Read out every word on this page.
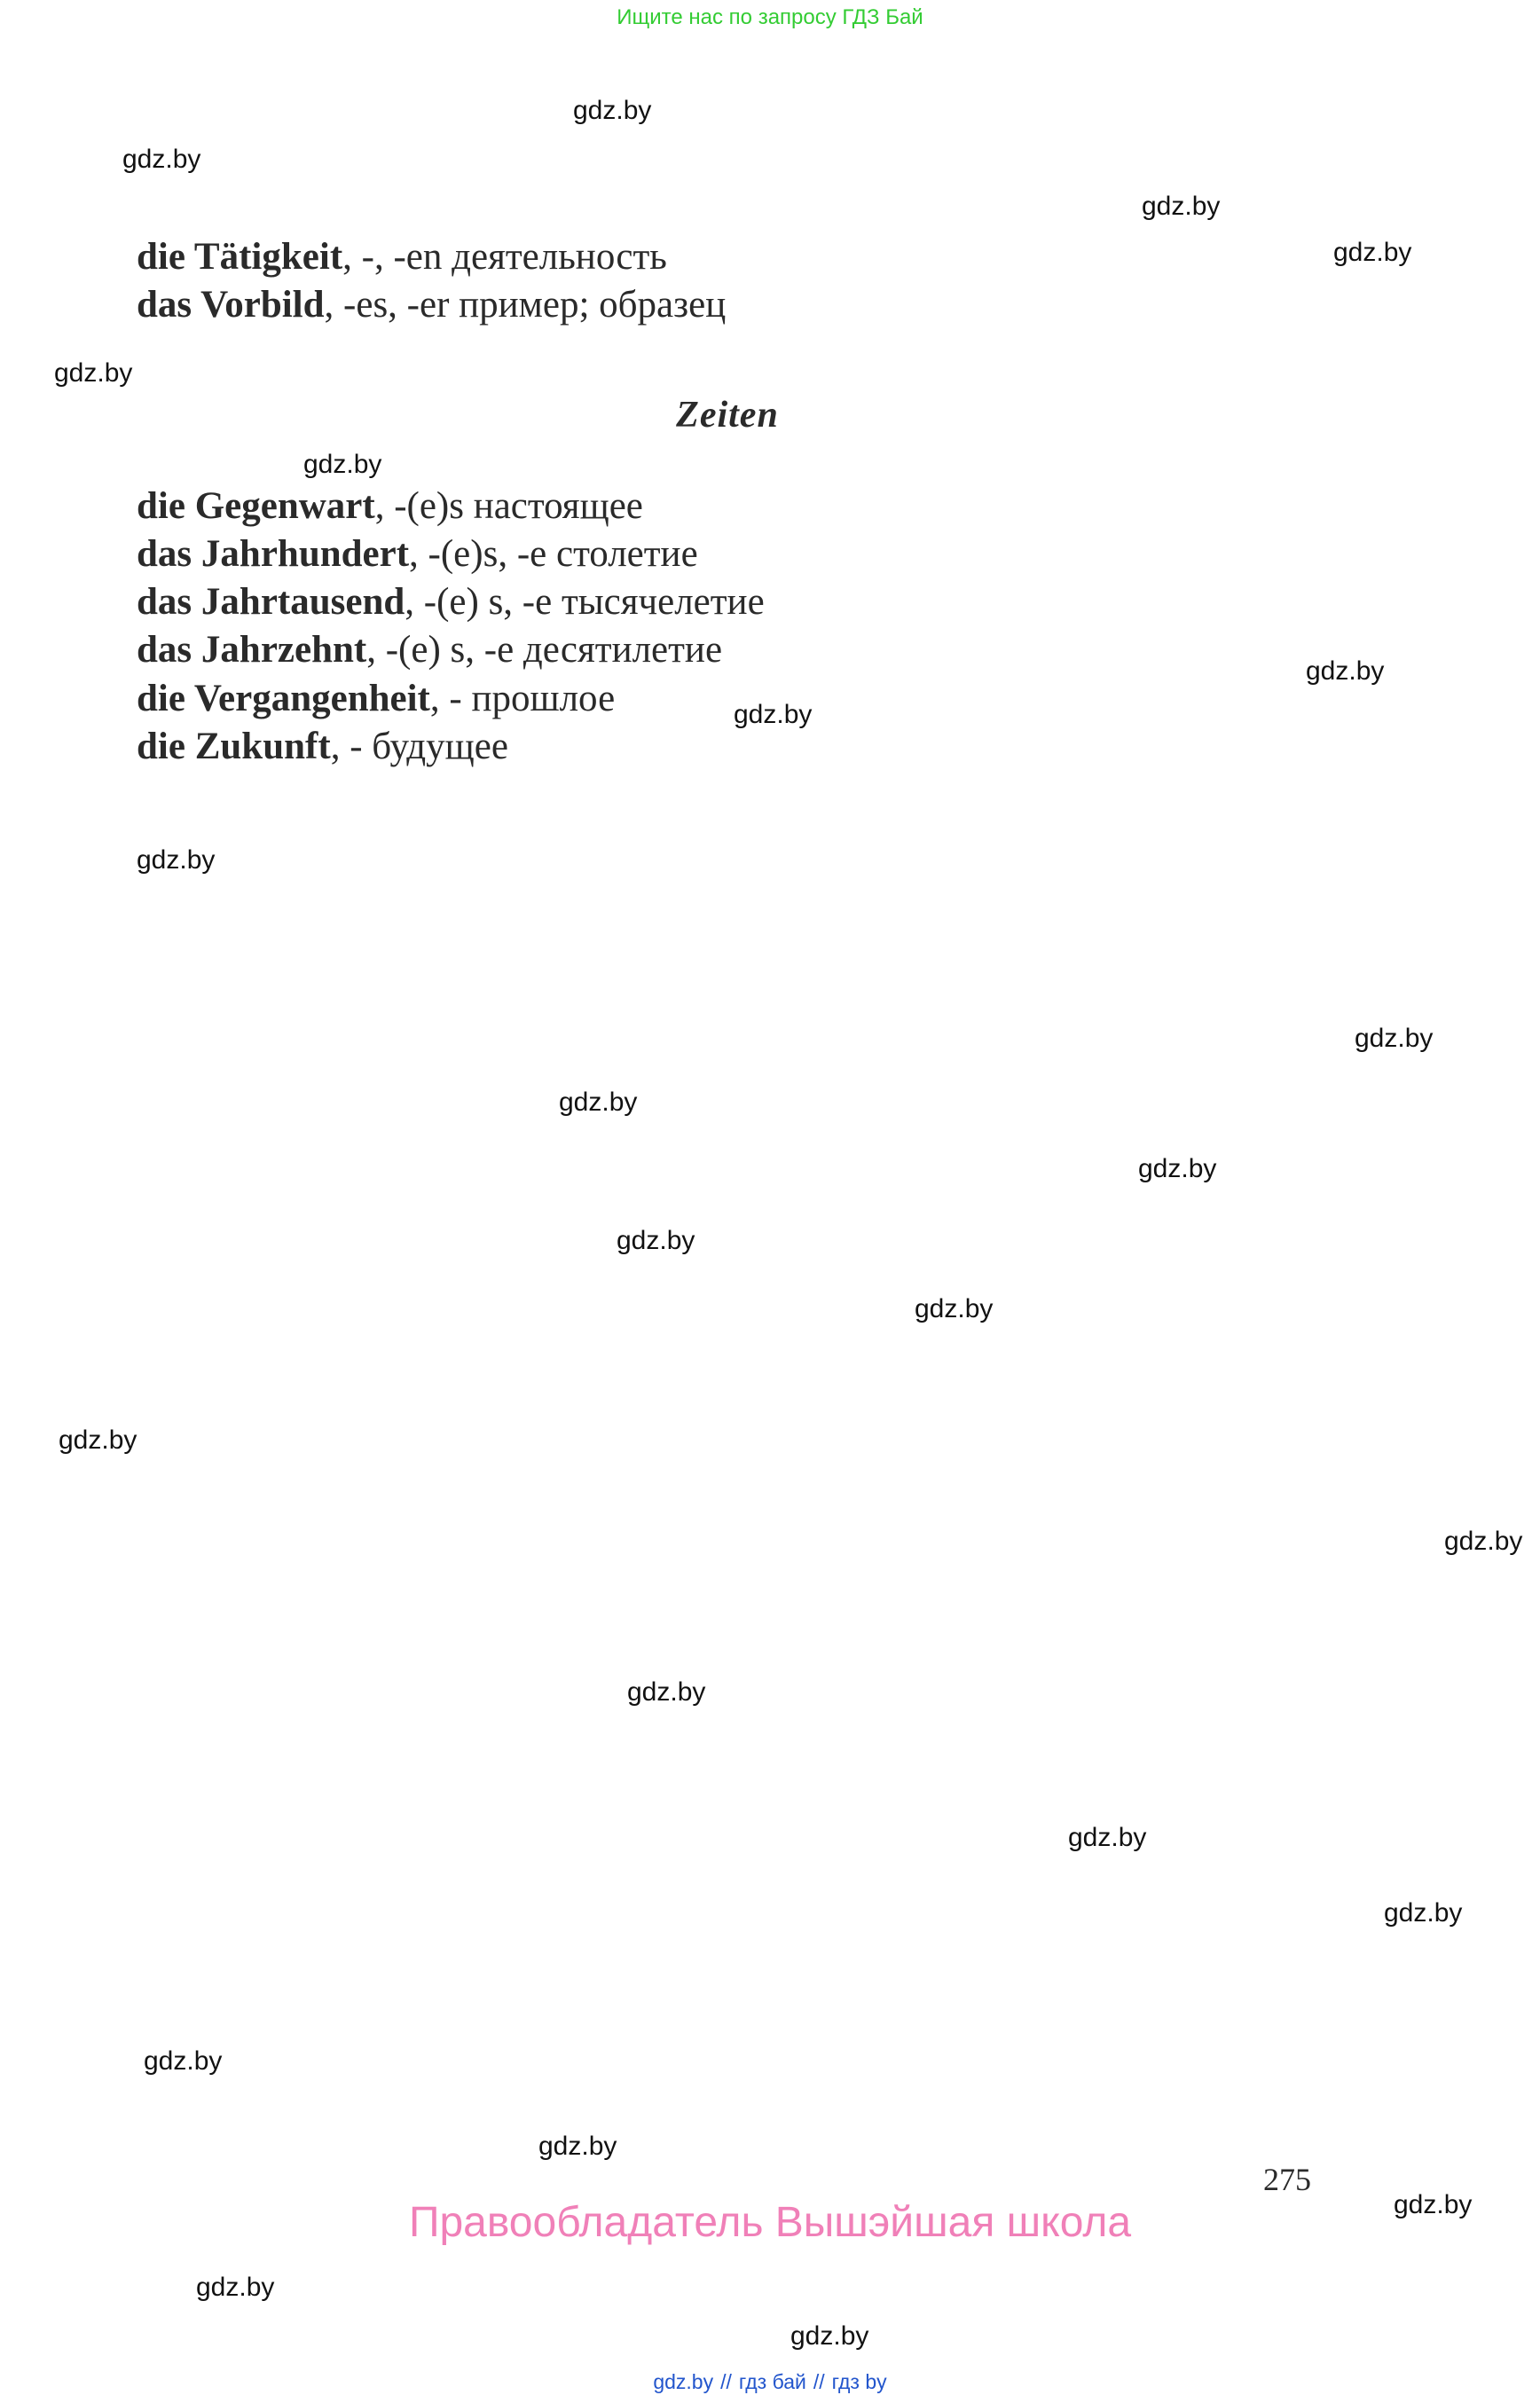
Ищите нас по запросу ГДЗ Бай
gdz.by
gdz.by
gdz.by
gdz.by
gdz.by
gdz.by
gdz.by
gdz.by
gdz.by
gdz.by
gdz.by
gdz.by
gdz.by
gdz.by
gdz.by
gdz.by
gdz.by
gdz.by
gdz.by
gdz.by
gdz.by
gdz.by
gdz.by
gdz.by
die Tätigkeit, -, -en деятельность
das Vorbild, -es, -er пример; образец
Zeiten
die Gegenwart, -(e)s настоящее
das Jahrhundert, -(e)s, -e столетие
das Jahrtausend, -(e) s, -e тысячелетие
das Jahrzehnt, -(e) s, -e десятилетие
die Vergangenheit, - прошлое
die Zukunft, - будущее
275
Правообладатель Вышэйшая школа
gdz.by // гдз бай // гдз by
